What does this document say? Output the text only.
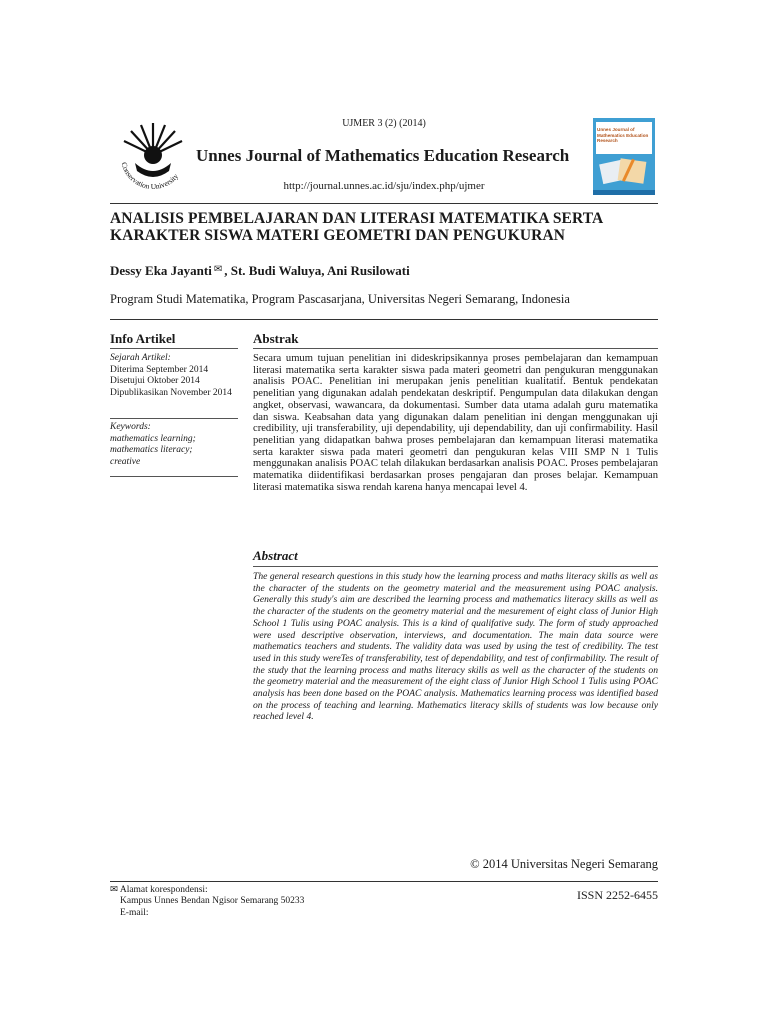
Conservation University
UJMER 3 (2) (2014)
Unnes Journal of Mathematics Education Research
http://journal.unnes.ac.id/sju/index.php/ujmer
Unnes Journal of Mathematics Education Research
ANALISIS PEMBELAJARAN DAN LITERASI MATEMATIKA SERTA KARAKTER SISWA MATERI GEOMETRI DAN PENGUKURAN
Dessy Eka Jayanti ✉ , St. Budi Waluya, Ani Rusilowati
Program Studi Matematika, Program Pascasarjana, Universitas Negeri Semarang, Indonesia
Info Artikel
Sejarah Artikel:
Diterima September 2014
Disetujui Oktober 2014
Dipublikasikan November 2014
Keywords:
mathematics learning; mathematics literacy; creative
Abstrak
Secara umum tujuan penelitian ini dideskripsikannya proses pembelajaran dan kemampuan literasi matematika serta karakter siswa pada materi geometri dan pengukuran menggunakan analisis POAC. Penelitian ini merupakan jenis penelitian kualitatif. Bentuk pendekatan penelitian yang digunakan adalah pendekatan deskriptif. Pengumpulan data dilakukan dengan angket, observasi, wawancara, da dokumentasi. Sumber data utama adalah guru matematika dan siswa. Keabsahan data yang digunakan dalam penelitian ini dengan menggunakan uji credibility, uji transferability, uji dependability, uji dependability, dan uji confirmability. Hasil penelitian yang didapatkan bahwa proses pembelajaran dan kemampuan literasi matematika serta karakter siswa pada materi geometri dan pengukuran kelas VIII SMP N 1 Tulis menggunakan analisis POAC telah dilakukan berdasarkan analisis POAC. Proses pembelajaran matematika diidentifikasi berdasarkan proses pengajaran dan proses belajar. Kemampuan literasi matematika siswa rendah karena hanya mencapai level 4.
Abstract
The general research questions in this study how the learning process and maths literacy skills as well as the character of the students on the geometry material and the measurement using POAC analysis. Generally this study's aim are described the learning process and mathematics literacy skills as well as the character of the students on the geometry material and the mesurement of eight class of Junior High School 1 Tulis using POAC analysis. This is a kind of qualifative sudy. The form of study approached were used descriptive observation, interviews, and documentation. The main data source were mathematics teachers and students. The validity data was used by using the test of credibility. The test used in this study wereTes of transferability, test of dependability, and test of confirmability. The result of the study that the learning process and maths literacy skills as well as the character of the students on the geometry material and the measurement of the eight class of Junior High School 1 Tulis using POAC analysis has been done based on the POAC analysis. Mathematics learning process was identified based on the process of teaching and learning. Mathematics literacy skills of students was low because only reached level 4.
© 2014 Universitas Negeri Semarang
ISSN 2252-6455
✉ Alamat korespondensi:
Kampus Unnes Bendan Ngisor Semarang 50233
E-mail:
